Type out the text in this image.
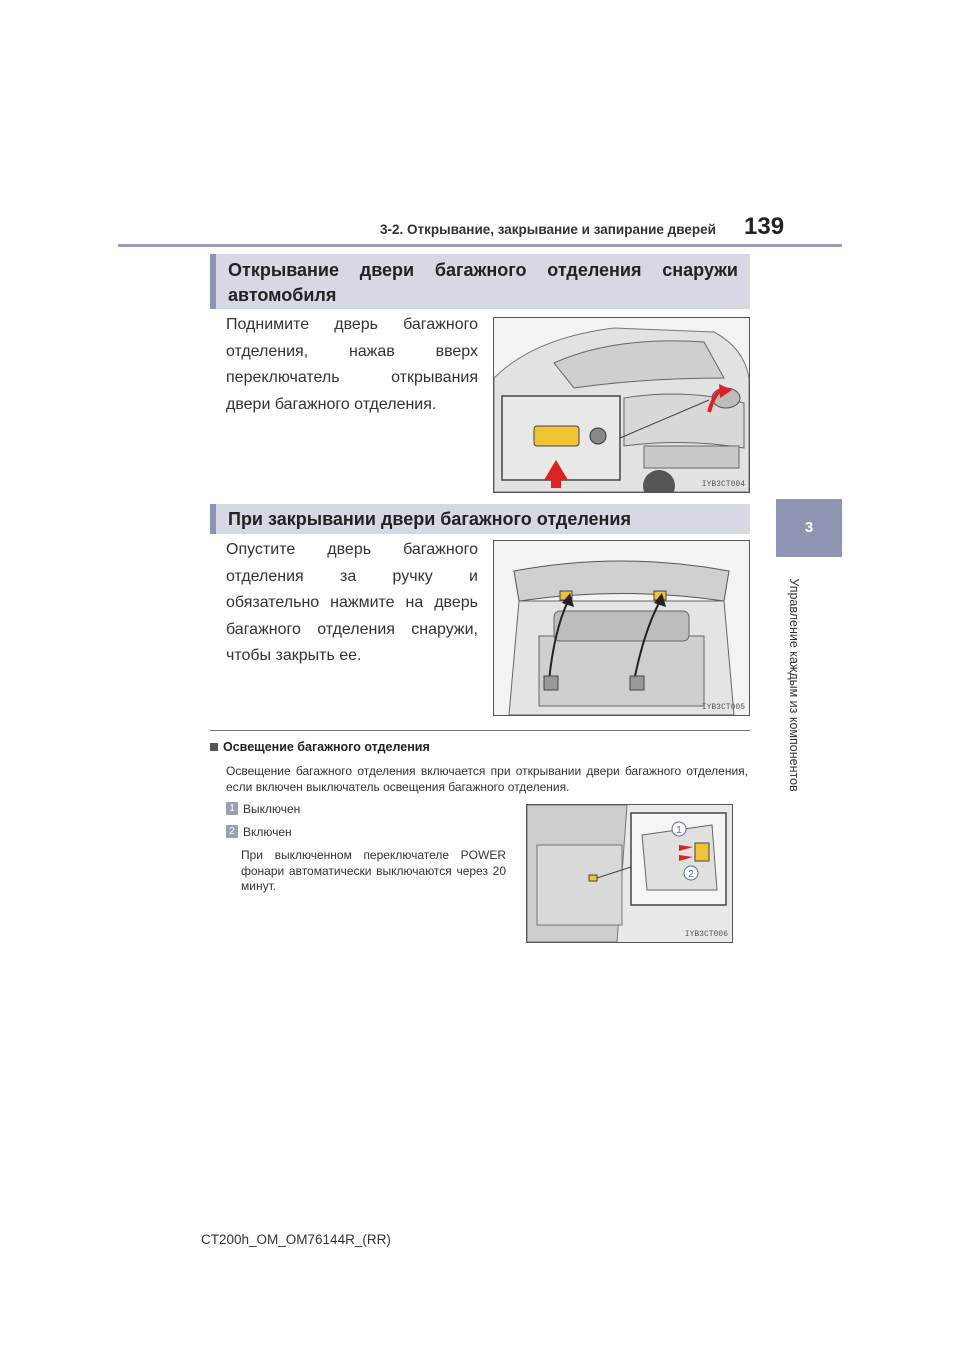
3-2. Открывание, закрывание и запирание дверей 139
3
Управление каждым из компонентов
Открывание двери багажного отделения снаружи автомобиля
Поднимите дверь багажного отделения, нажав вверх переключатель открывания двери багажного отделения.
IYB3CT004
При закрывании двери багажного отделения
Опустите дверь багажного отделения за ручку и обязательно нажмите на дверь багажного отделения снаружи, чтобы закрыть ее.
IYB3CT005
Освещение багажного отделения
Освещение багажного отделения включается при открывании двери багажного отделения, если включен выключатель освещения багажного отделения.
1 Выключен
2 Включен
При выключенном переключателе POWER фонари автоматически выключаются через 20 минут.
1
2
IYB3CT006
CT200h_OM_OM76144R_(RR)
